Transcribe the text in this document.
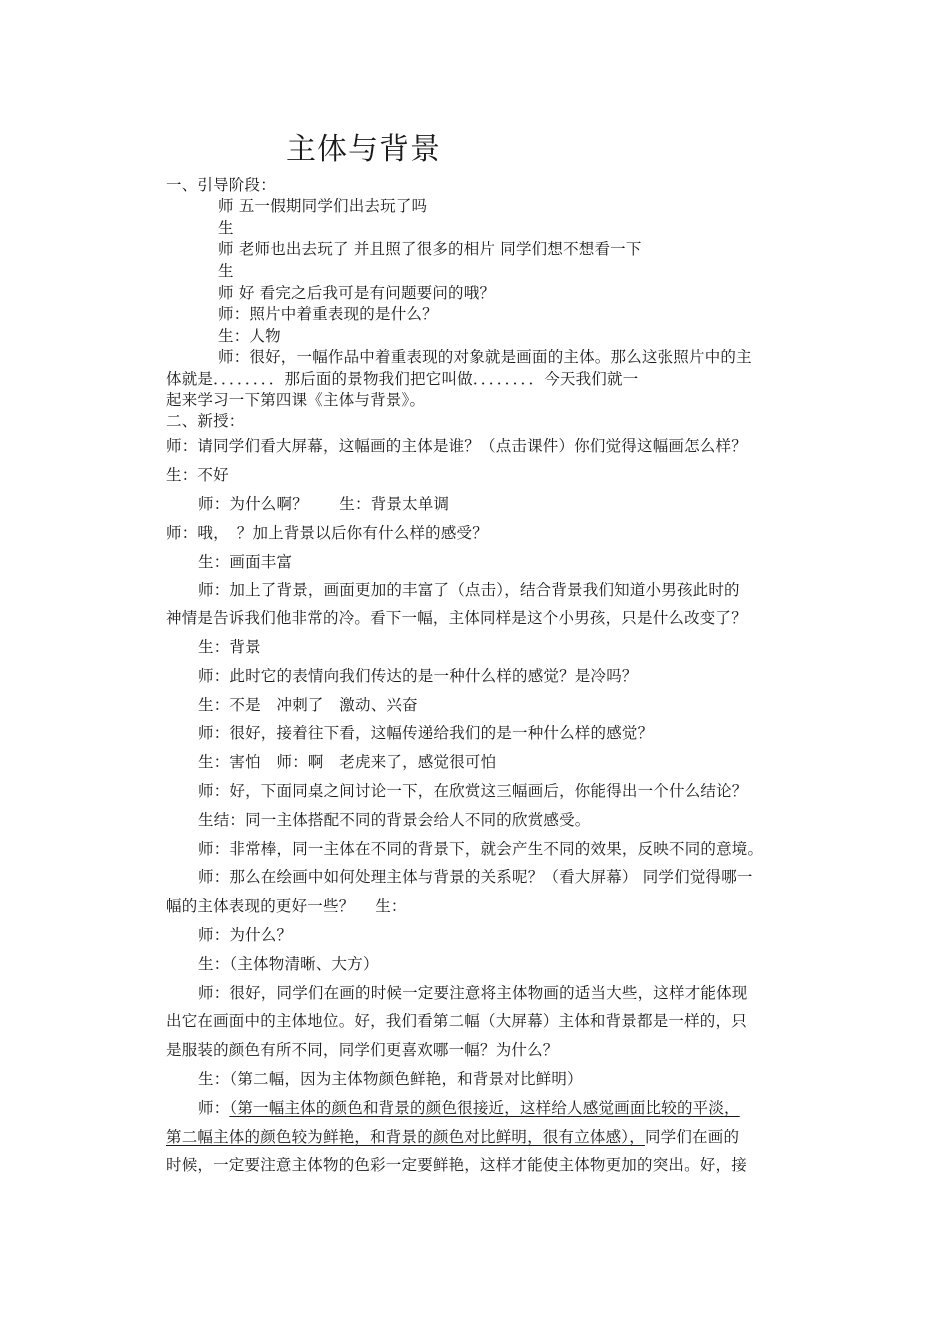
主体与背景
一、引导阶段：
师 五一假期同学们出去玩了吗
生
师 老师也出去玩了 并且照了很多的相片 同学们想不想看一下
生
师 好 看完之后我可是有问题要问的哦？
师：照片中着重表现的是什么？
生：人物
师：很好，一幅作品中着重表现的对象就是画面的主体。那么这张照片中的主
体就是．．．．．．．．那后面的景物我们把它叫做．．．．．．．．今天我们就一
起来学习一下第四课《主体与背景》。
二、新授：
师：请同学们看大屏幕，这幅画的主体是谁？（点击课件）你们觉得这幅画怎么样？
生：不好
师：为什么啊？　　生：背景太单调
师：哦，　？加上背景以后你有什么样的感受？
生：画面丰富
师：加上了背景，画面更加的丰富了（点击），结合背景我们知道小男孩此时的
神情是告诉我们他非常的冷。看下一幅，主体同样是这个小男孩，只是什么改变了？
生：背景
师：此时它的表情向我们传达的是一种什么样的感觉？是冷吗？
生：不是　冲刺了　激动、兴奋
师：很好，接着往下看，这幅传递给我们的是一种什么样的感觉？
生：害怕　师：啊　老虎来了，感觉很可怕
师：好，下面同桌之间讨论一下，在欣赏这三幅画后，你能得出一个什么结论？
生结：同一主体搭配不同的背景会给人不同的欣赏感受。
师：非常棒，同一主体在不同的背景下，就会产生不同的效果，反映不同的意境。
师：那么在绘画中如何处理主体与背景的关系呢？（看大屏幕） 同学们觉得哪一
幅的主体表现的更好一些？　 生：
师：为什么？
生：（主体物清晰、大方）
师：很好，同学们在画的时候一定要注意将主体物画的适当大些，这样才能体现
出它在画面中的主体地位。好，我们看第二幅（大屏幕）主体和背景都是一样的，只
是服装的颜色有所不同，同学们更喜欢哪一幅？为什么？
生：（第二幅，因为主体物颜色鲜艳，和背景对比鲜明）
师：（第一幅主体的颜色和背景的颜色很接近，这样给人感觉画面比较的平淡，
第二幅主体的颜色较为鲜艳，和背景的颜色对比鲜明，很有立体感），同学们在画的
时候，一定要注意主体物的色彩一定要鲜艳，这样才能使主体物更加的突出。好，接
